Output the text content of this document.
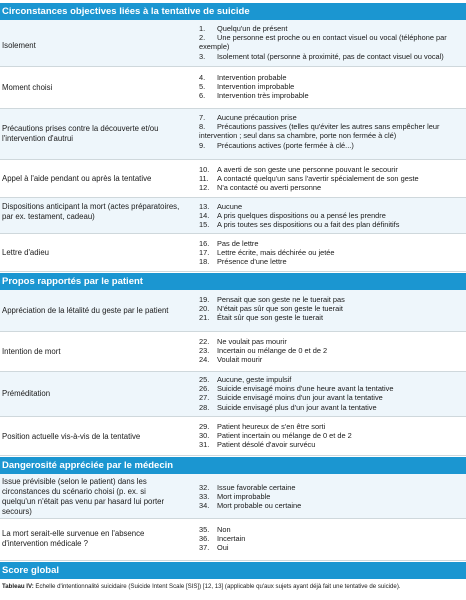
Circonstances objectives liées à la tentative de suicide
Isolement
1. Quelqu'un de présent
2. Une personne est proche ou en contact visuel ou vocal (téléphone par exemple)
3. Isolement total (personne à proximité, pas de contact visuel ou vocal)
Moment choisi
4. Intervention probable
5. Intervention improbable
6. Intervention très improbable
Précautions prises contre la découverte et/ou l'intervention d'autrui
7. Aucune précaution prise
8. Précautions passives (telles qu'éviter les autres sans empêcher leur intervention ; seul dans sa chambre, porte non fermée à clé)
9. Précautions actives (porte fermée à clé...)
Appel à l'aide pendant ou après la tentative
10. A averti de son geste une personne pouvant le secourir
11. A contacté quelqu'un sans l'avertir spécialement de son geste
12. N'a contacté ou averti personne
Dispositions anticipant la mort (actes préparatoires, par ex. testament, cadeau)
13. Aucune
14. A pris quelques dispositions ou a pensé les prendre
15. A pris toutes ses dispositions ou a fait des plan définitifs
Lettre d'adieu
16. Pas de lettre
17. Lettre écrite, mais déchirée ou jetée
18. Présence d'une lettre
Propos rapportés par le patient
Appréciation de la létalité du geste par le patient
19. Pensait que son geste ne le tuerait pas
20. N'était pas sûr que son geste le tuerait
21. Était sûr que son geste le tuerait
Intention de mort
22. Ne voulait pas mourir
23. Incertain ou mélange de 0 et de 2
24. Voulait mourir
Préméditation
25. Aucune, geste impulsif
26. Suicide envisagé moins d'une heure avant la tentative
27. Suicide envisagé moins d'un jour avant la tentative
28. Suicide envisagé plus d'un jour avant la tentative
Position actuelle vis-à-vis de la tentative
29. Patient heureux de s'en être sorti
30. Patient incertain ou mélange de 0 et de 2
31. Patient désolé d'avoir survécu
Dangerosité appréciée par le médecin
Issue prévisible (selon le patient) dans les circonstances du scénario choisi (p. ex. si quelqu'un n'était pas venu par hasard lui porter secours)
32. Issue favorable certaine
33. Mort improbable
34. Mort probable ou certaine
La mort serait-elle survenue en l'absence d'intervention médicale ?
35. Non
36. Incertain
37. Oui
Score global
Tableau IV: Échelle d'intentionnalité suicidaire (Suicide Intent Scale [SIS]) [12, 13] (applicable qu'aux sujets ayant déjà fait une tentative de suicide).
